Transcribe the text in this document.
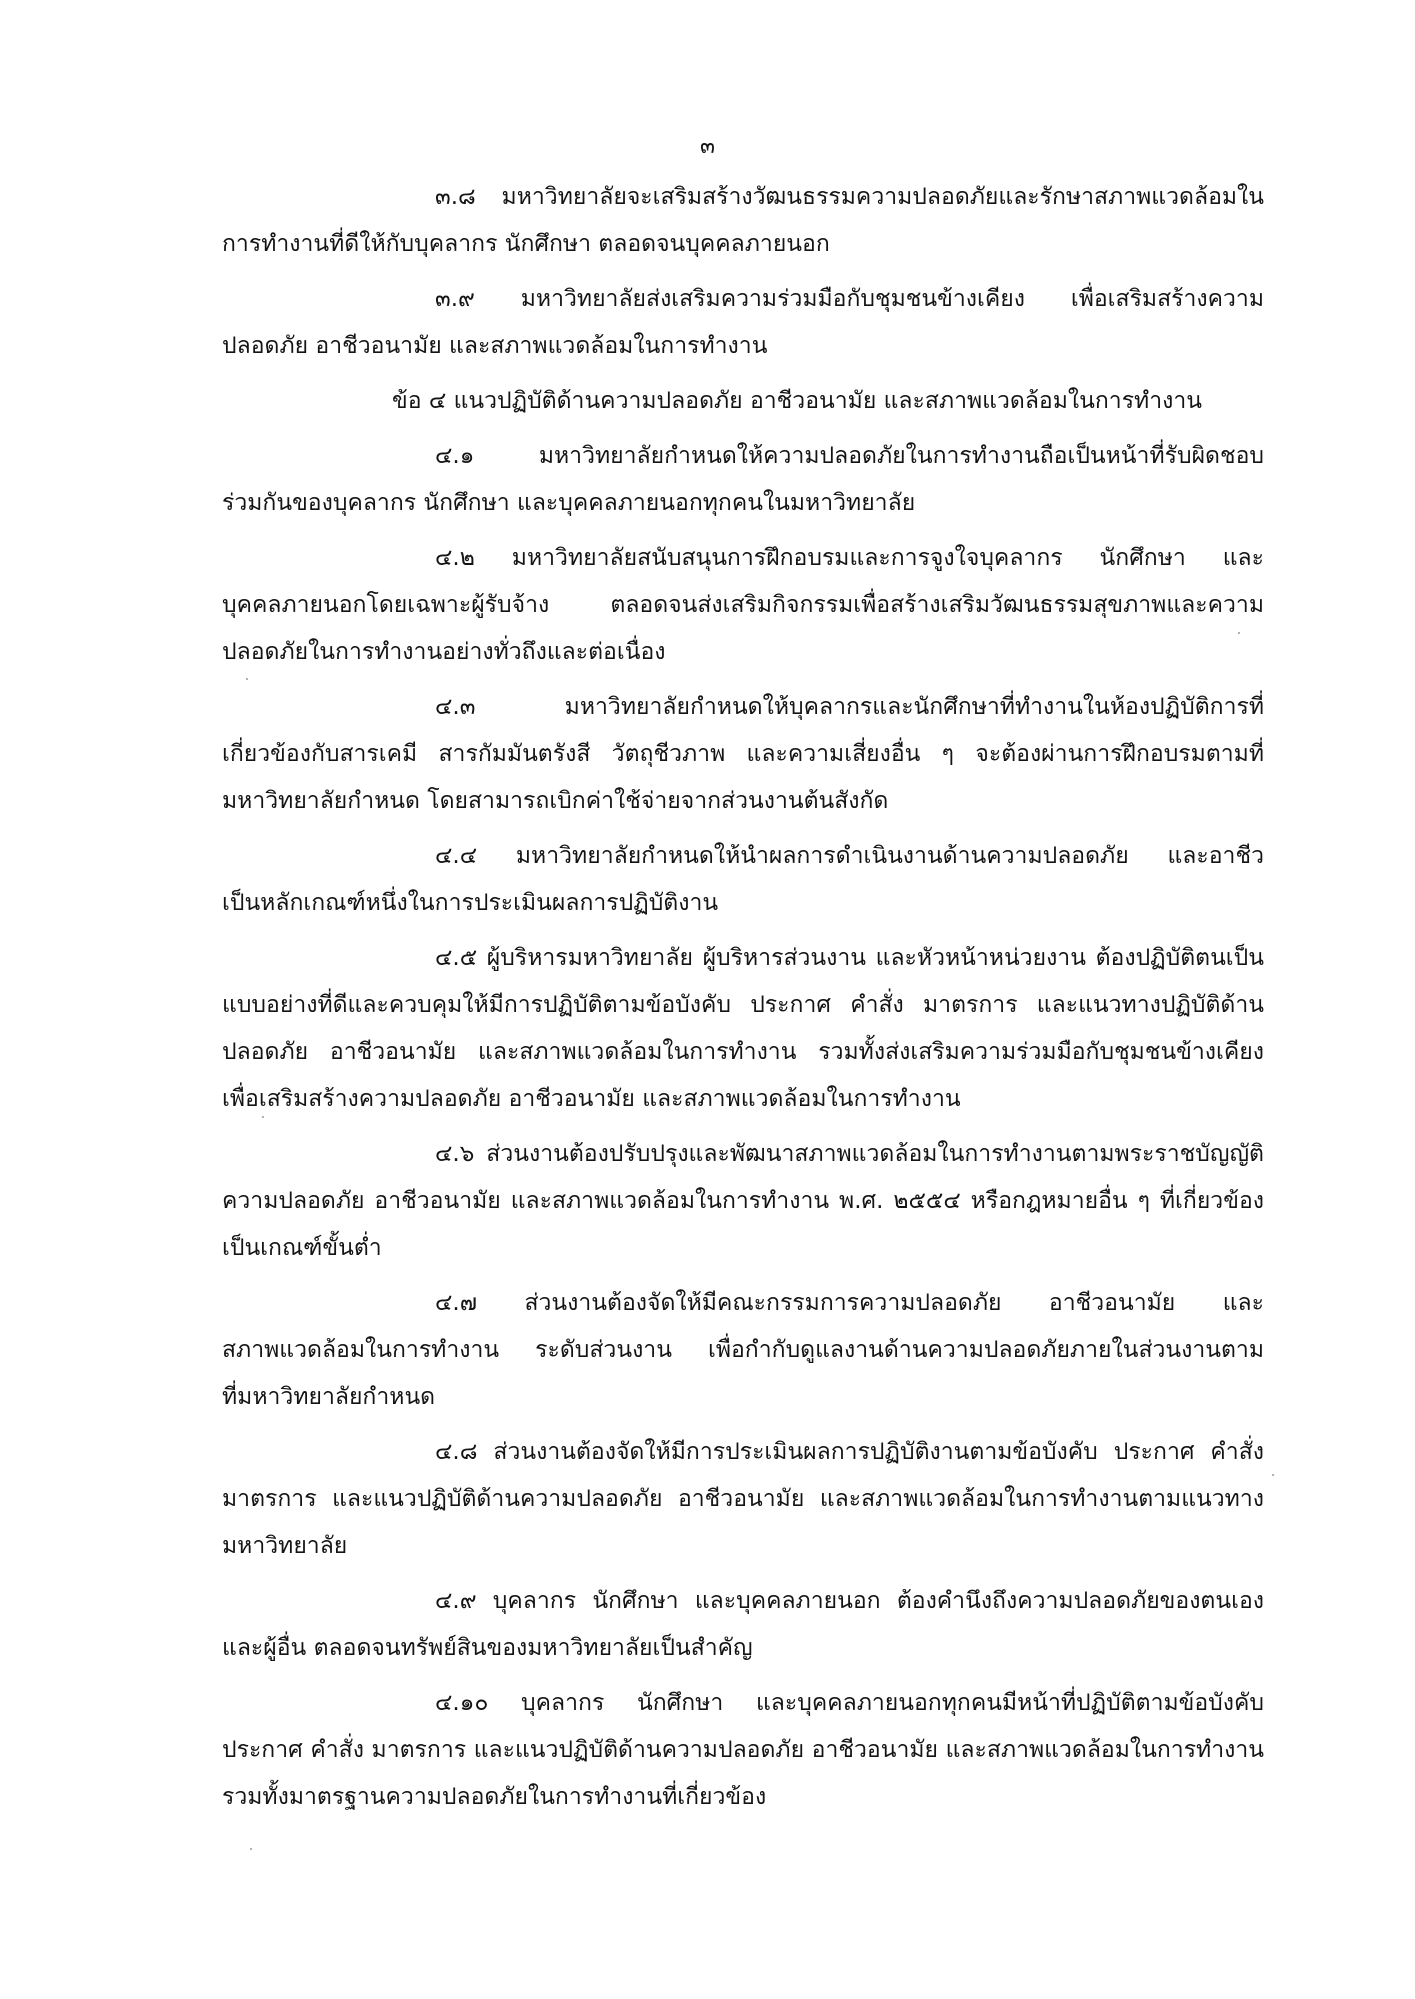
๓
๓.๘ มหาวิทยาลัยจะเสริมสร้างวัฒนธรรมความปลอดภัยและรักษาสภาพแวดล้อมใน
การทำงานที่ดีให้กับบุคลากร นักศึกษา ตลอดจนบุคคลภายนอก
๓.๙ มหาวิทยาลัยส่งเสริมความร่วมมือกับชุมชนข้างเคียง เพื่อเสริมสร้างความ
ปลอดภัย อาชีวอนามัย และสภาพแวดล้อมในการทำงาน
ข้อ ๔ แนวปฏิบัติด้านความปลอดภัย อาชีวอนามัย และสภาพแวดล้อมในการทำงาน
๔.๑ มหาวิทยาลัยกำหนดให้ความปลอดภัยในการทำงานถือเป็นหน้าที่รับผิดชอบ
ร่วมกันของบุคลากร นักศึกษา และบุคคลภายนอกทุกคนในมหาวิทยาลัย
๔.๒ มหาวิทยาลัยสนับสนุนการฝึกอบรมและการจูงใจบุคลากร นักศึกษา และ
บุคคลภายนอกโดยเฉพาะผู้รับจ้าง ตลอดจนส่งเสริมกิจกรรมเพื่อสร้างเสริมวัฒนธรรมสุขภาพและความ
ปลอดภัยในการทำงานอย่างทั่วถึงและต่อเนื่อง
๔.๓ มหาวิทยาลัยกำหนดให้บุคลากรและนักศึกษาที่ทำงานในห้องปฏิบัติการที่
เกี่ยวข้องกับสารเคมี สารกัมมันตรังสี วัตถุชีวภาพ และความเสี่ยงอื่น ๆ จะต้องผ่านการฝึกอบรมตามที่
มหาวิทยาลัยกำหนด โดยสามารถเบิกค่าใช้จ่ายจากส่วนงานต้นสังกัด
๔.๔ มหาวิทยาลัยกำหนดให้นำผลการดำเนินงานด้านความปลอดภัย และอาชีว
เป็นหลักเกณฑ์หนึ่งในการประเมินผลการปฏิบัติงาน
๔.๕ ผู้บริหารมหาวิทยาลัย ผู้บริหารส่วนงาน และหัวหน้าหน่วยงาน ต้องปฏิบัติตนเป็น
แบบอย่างที่ดีและควบคุมให้มีการปฏิบัติตามข้อบังคับ ประกาศ คำสั่ง มาตรการ และแนวทางปฏิบัติด้าน
ปลอดภัย อาชีวอนามัย และสภาพแวดล้อมในการทำงาน รวมทั้งส่งเสริมความร่วมมือกับชุมชนข้างเคียง
เพื่อเสริมสร้างความปลอดภัย อาชีวอนามัย และสภาพแวดล้อมในการทำงาน
๔.๖ ส่วนงานต้องปรับปรุงและพัฒนาสภาพแวดล้อมในการทำงานตามพระราชบัญญัติ
ความปลอดภัย อาชีวอนามัย และสภาพแวดล้อมในการทำงาน พ.ศ. ๒๕๕๔ หรือกฎหมายอื่น ๆ ที่เกี่ยวข้อง
เป็นเกณฑ์ขั้นต่ำ
๔.๗ ส่วนงานต้องจัดให้มีคณะกรรมการความปลอดภัย อาชีวอนามัย และ
สภาพแวดล้อมในการทำงาน ระดับส่วนงาน เพื่อกำกับดูแลงานด้านความปลอดภัยภายในส่วนงานตาม
ที่มหาวิทยาลัยกำหนด
๔.๘ ส่วนงานต้องจัดให้มีการประเมินผลการปฏิบัติงานตามข้อบังคับ ประกาศ คำสั่ง
มาตรการ และแนวปฏิบัติด้านความปลอดภัย อาชีวอนามัย และสภาพแวดล้อมในการทำงานตามแนวทาง
มหาวิทยาลัย
๔.๙ บุคลากร นักศึกษา และบุคคลภายนอก ต้องคำนึงถึงความปลอดภัยของตนเอง
และผู้อื่น ตลอดจนทรัพย์สินของมหาวิทยาลัยเป็นสำคัญ
๔.๑๐ บุคลากร นักศึกษา และบุคคลภายนอกทุกคนมีหน้าที่ปฏิบัติตามข้อบังคับ
ประกาศ คำสั่ง มาตรการ และแนวปฏิบัติด้านความปลอดภัย อาชีวอนามัย และสภาพแวดล้อมในการทำงาน
รวมทั้งมาตรฐานความปลอดภัยในการทำงานที่เกี่ยวข้อง
